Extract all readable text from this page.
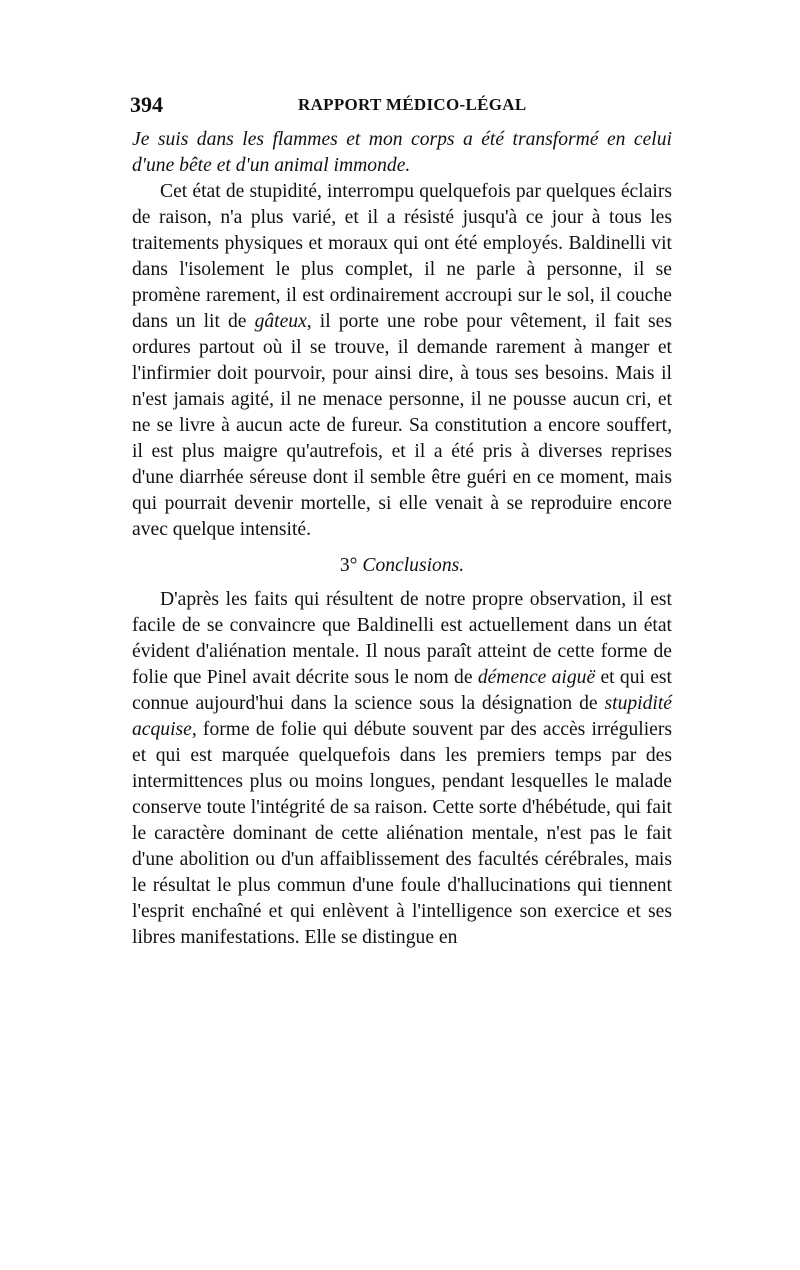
394	RAPPORT MÉDICO-LÉGAL

Je suis dans les flammes et mon corps a été transformé en celui d'une bête et d'un animal immonde.

Cet état de stupidité, interrompu quelquefois par quelques éclairs de raison, n'a plus varié, et il a résisté jusqu'à ce jour à tous les traitements physiques et moraux qui ont été employés. Baldinelli vit dans l'isolement le plus complet, il ne parle à personne, il se promène rarement, il est ordinairement accroupi sur le sol, il couche dans un lit de gâteux, il porte une robe pour vêtement, il fait ses ordures partout où il se trouve, il demande rarement à manger et l'infirmier doit pourvoir, pour ainsi dire, à tous ses besoins. Mais il n'est jamais agité, il ne menace personne, il ne pousse aucun cri, et ne se livre à aucun acte de fureur. Sa constitution a encore souffert, il est plus maigre qu'autrefois, et il a été pris à diverses reprises d'une diarrhée séreuse dont il semble être guéri en ce moment, mais qui pourrait devenir mortelle, si elle venait à se reproduire encore avec quelque intensité.

3° Conclusions.

D'après les faits qui résultent de notre propre observation, il est facile de se convaincre que Baldinelli est actuellement dans un état évident d'aliénation mentale. Il nous paraît atteint de cette forme de folie que Pinel avait décrite sous le nom de démence aiguë et qui est connue aujourd'hui dans la science sous la désignation de stupidité acquise, forme de folie qui débute souvent par des accès irréguliers et qui est marquée quelquefois dans les premiers temps par des intermittences plus ou moins longues, pendant lesquelles le malade conserve toute l'intégrité de sa raison. Cette sorte d'hébétude, qui fait le caractère dominant de cette aliénation mentale, n'est pas le fait d'une abolition ou d'un affaiblissement des facultés cérébrales, mais le résultat le plus commun d'une foule d'hallucinations qui tiennent l'esprit enchaîné et qui enlèvent à l'intelligence son exercice et ses libres manifestations. Elle se distingue en
